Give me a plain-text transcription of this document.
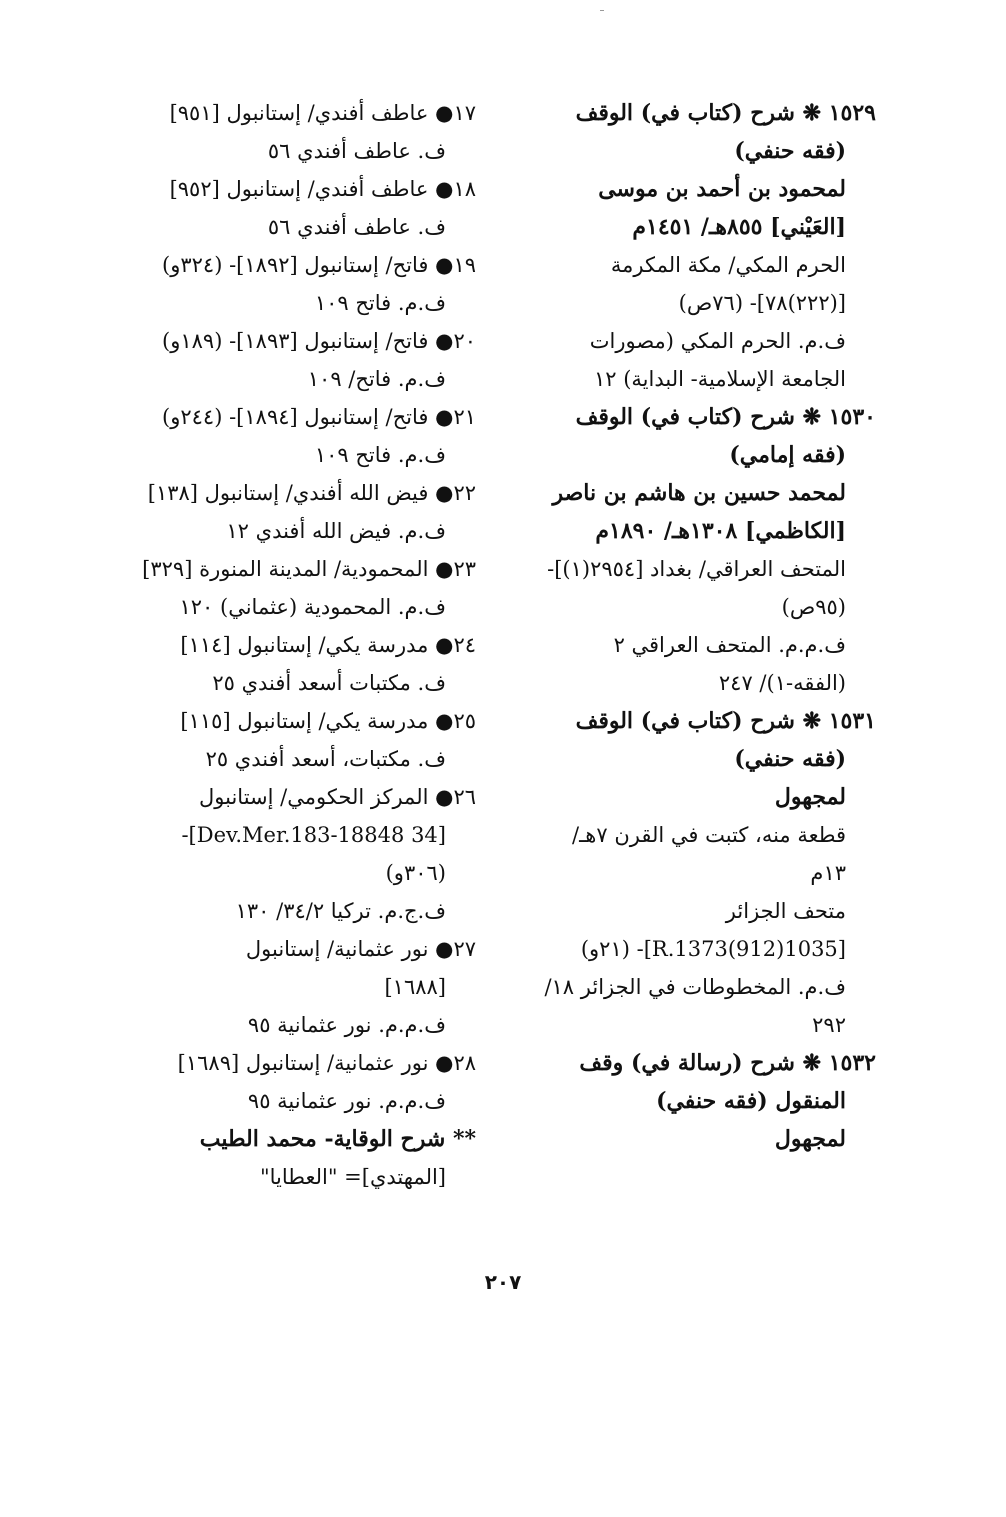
١٧● عاطف أفندي/ إستانبول [٩٥١]
ف. عاطف أفندي ٥٦
١٨● عاطف أفندي/ إستانبول [٩٥٢]
ف. عاطف أفندي ٥٦
١٩● فاتح/ إستانبول [١٨٩٢]- (٣٢٤و)
ف.م. فاتح ١٠٩
٢٠● فاتح/ إستانبول [١٨٩٣]- (١٨٩و)
ف.م. فاتح/ ١٠٩
٢١● فاتح/ إستانبول [١٨٩٤]- (٢٤٤و)
ف.م. فاتح ١٠٩
٢٢● فيض الله أفندي/ إستانبول [١٣٨]
ف.م. فيض الله أفندي ١٢
٢٣● المحمودية/ المدينة المنورة [٣٢٩]
ف.م. المحمودية (عثماني) ١٢٠
٢٤● مدرسة يكي/ إستانبول [١١٤]
ف. مكتبات أسعد أفندي ٢٥
٢٥● مدرسة يكي/ إستانبول [١١٥]
ف. مكتبات، أسعد أفندي ٢٥
٢٦● المركز الحكومي/ إستانبول
[34 Dev.Mer.183-18848]-
(٣٠٦و)
ف.ج.م. تركيا ٣٤/٢/ ١٣٠
٢٧● نور عثمانية/ إستانبول
[١٦٨٨]
ف.م.م. نور عثمانية ٩٥
٢٨● نور عثمانية/ إستانبول [١٦٨٩]
ف.م.م. نور عثمانية ٩٥
** شرح الوقاية- محمد الطيب
[المهتدي]= "العطايا"
١٥٢٩ ❋ شرح (كتاب في) الوقف
(فقه حنفي)
لمحمود بن أحمد بن موسى
[العَيْني] ٨٥٥هـ/ ١٤٥١م
الحرم المكي/ مكة المكرمة
[(٢٢٢)٧٨]- (٧٦ص)
ف.م. الحرم المكي (مصورات
الجامعة الإسلامية- البداية) ١٢
١٥٣٠ ❋ شرح (كتاب في) الوقف
(فقه إمامي)
لمحمد حسين بن هاشم بن ناصر
[الكاظمي] ١٣٠٨هـ/ ١٨٩٠م
المتحف العراقي/ بغداد [٢٩٥٤(١)]-
(٩٥ص)
ف.م.م. المتحف العراقي ٢
(الفقه-١)/ ٢٤٧
١٥٣١ ❋ شرح (كتاب في) الوقف
(فقه حنفي)
لمجهول
قطعة منه، كتبت في القرن ٧هـ/
١٣م
متحف الجزائر
[1035(912)R.1373]- (٢١و)
ف.م. المخطوطات في الجزائر ١٨/
٢٩٢
١٥٣٢ ❋ شرح (رسالة في) وقف
المنقول (فقه حنفي)
لمجهول
٢٠٧
